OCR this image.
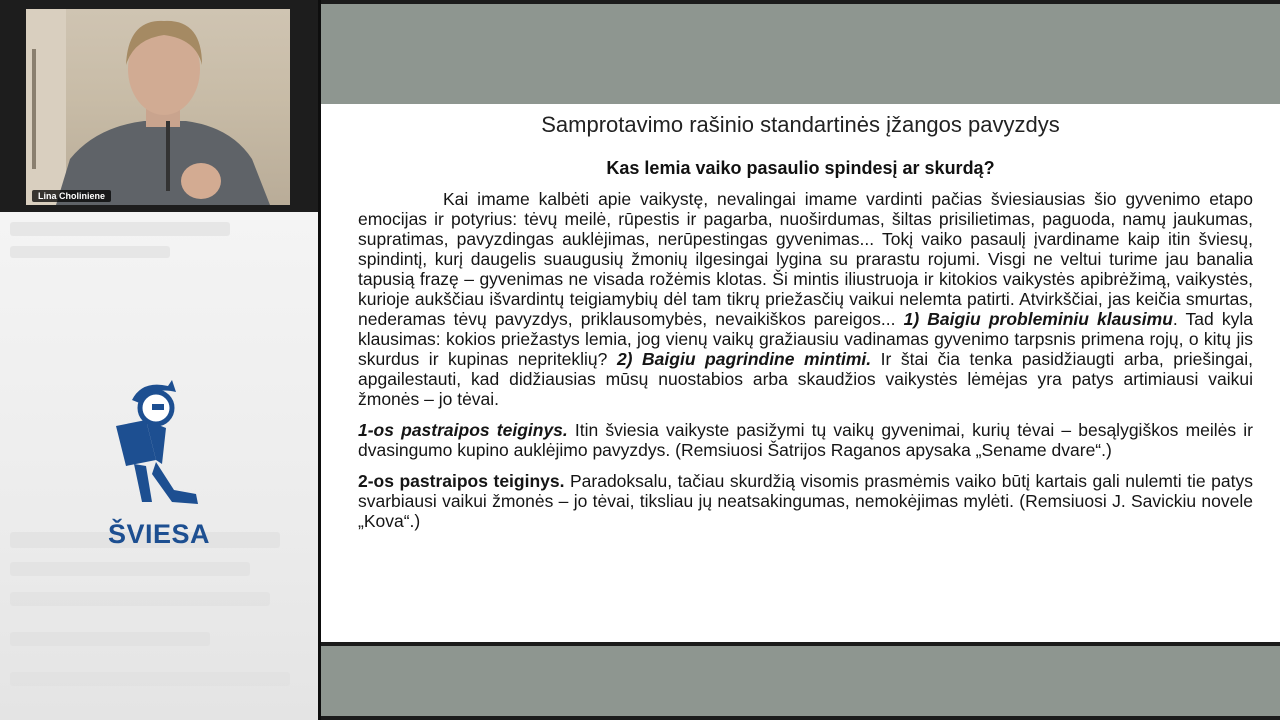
Lina Choliniene
ŠVIESA
Samprotavimo rašinio standartinės įžangos pavyzdys
Kas lemia vaiko pasaulio spindesį ar skurdą?

Kai imame kalbėti apie vaikystę, nevalingai imame vardinti pačias šviesiausias šio gyvenimo etapo emocijas ir potyrius: tėvų meilė, rūpestis ir pagarba, nuoširdumas, šiltas prisilietimas, paguoda, namų jaukumas, supratimas, pavyzdingas auklėjimas, nerūpestingas gyvenimas... Tokį vaiko pasaulį įvardiname kaip itin šviesų, spindintį, kurį daugelis suaugusių žmonių ilgesingai lygina su prarastu rojumi. Visgi ne veltui turime jau banalia tapusią frazę – gyvenimas ne visada rožėmis klotas. Ši mintis iliustruoja ir kitokios vaikystės apibrėžimą, vaikystės, kurioje aukščiau išvardintų teigiamybių dėl tam tikrų priežasčių vaikui nelemta patirti. Atvirkščiai, jas keičia smurtas, nederamas tėvų pavyzdys, priklausomybės, nevaikiškos pareigos... 1) Baigiu probleminiu klausimu. Tad kyla klausimas: kokios priežastys lemia, jog vienų vaikų gražiausiu vadinamas gyvenimo tarpsnis primena rojų, o kitų jis skurdus ir kupinas nepriteklių? 2) Baigiu pagrindine mintimi. Ir štai čia tenka pasidžiaugti arba, priešingai, apgailestauti, kad didžiausias mūsų nuostabios arba skaudžios vaikystės lėmėjas yra patys artimiausi vaikui žmonės – jo tėvai.

1-os pastraipos teiginys. Itin šviesia vaikyste pasižymi tų vaikų gyvenimai, kurių tėvai – besąlygiškos meilės ir dvasingumo kupino auklėjimo pavyzdys. (Remsiuosi Šatrijos Raganos apysaka „Sename dvare“.)

2-os pastraipos teiginys. Paradoksalu, tačiau skurdžią visomis prasmėmis vaiko būtį kartais gali nulemti tie patys svarbiausi vaikui žmonės – jo tėvai, tiksliau jų neatsakingumas, nemokėjimas mylėti. (Remsiuosi J. Savickiu novele „Kova“.)
